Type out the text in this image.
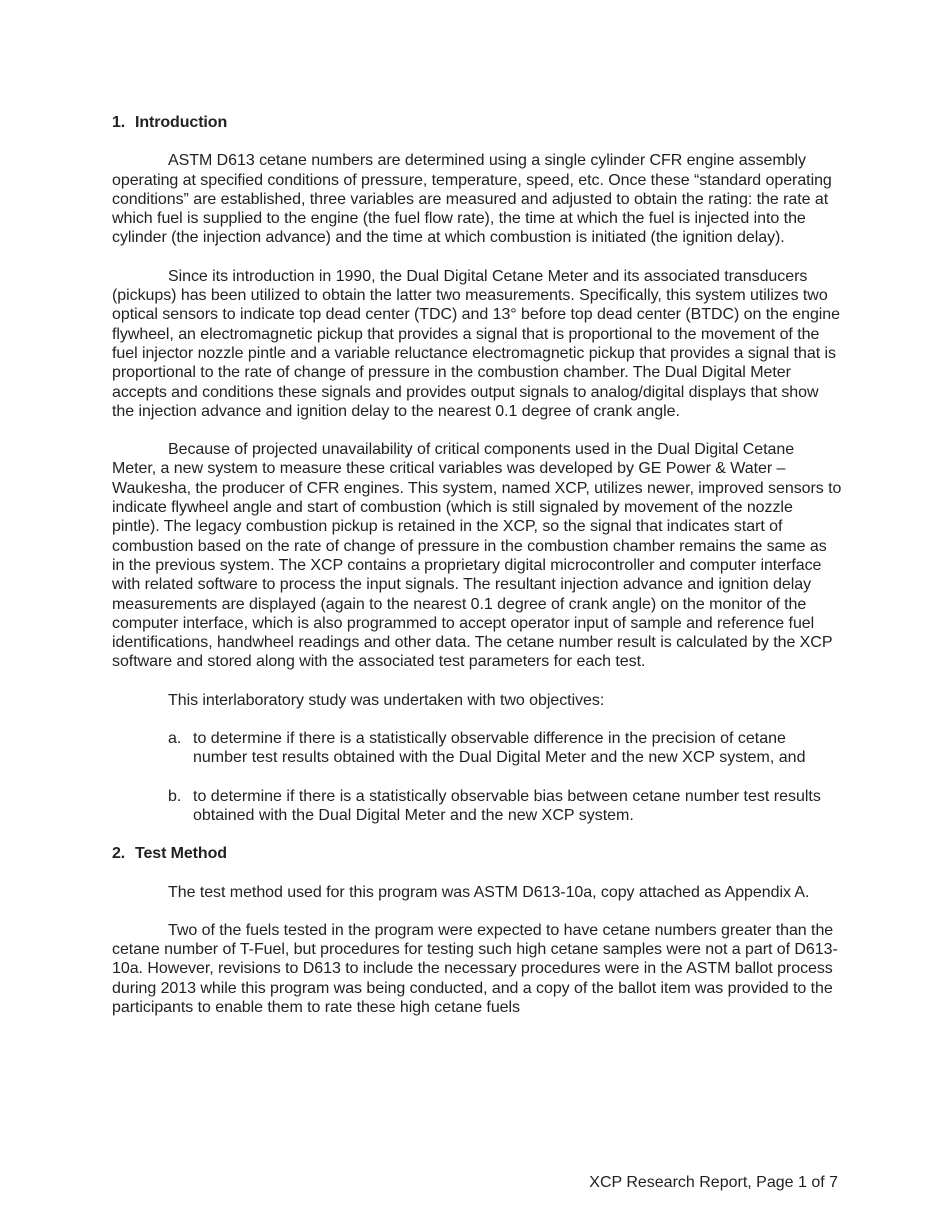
1. Introduction

ASTM D613 cetane numbers are determined using a single cylinder CFR engine assembly operating at specified conditions of pressure, temperature, speed, etc. Once these “standard operating conditions” are established, three variables are measured and adjusted to obtain the rating: the rate at which fuel is supplied to the engine (the fuel flow rate), the time at which the fuel is injected into the cylinder (the injection advance) and the time at which combustion is initiated (the ignition delay).

Since its introduction in 1990, the Dual Digital Cetane Meter and its associated transducers (pickups) has been utilized to obtain the latter two measurements. Specifically, this system utilizes two optical sensors to indicate top dead center (TDC) and 13° before top dead center (BTDC) on the engine flywheel, an electromagnetic pickup that provides a signal that is proportional to the movement of the fuel injector nozzle pintle and a variable reluctance electromagnetic pickup that provides a signal that is proportional to the rate of change of pressure in the combustion chamber. The Dual Digital Meter accepts and conditions these signals and provides output signals to analog/digital displays that show the injection advance and ignition delay to the nearest 0.1 degree of crank angle.

Because of projected unavailability of critical components used in the Dual Digital Cetane Meter, a new system to measure these critical variables was developed by GE Power & Water – Waukesha, the producer of CFR engines. This system, named XCP, utilizes newer, improved sensors to indicate flywheel angle and start of combustion (which is still signaled by movement of the nozzle pintle). The legacy combustion pickup is retained in the XCP, so the signal that indicates start of combustion based on the rate of change of pressure in the combustion chamber remains the same as in the previous system. The XCP contains a proprietary digital microcontroller and computer interface with related software to process the input signals. The resultant injection advance and ignition delay measurements are displayed (again to the nearest 0.1 degree of crank angle) on the monitor of the computer interface, which is also programmed to accept operator input of sample and reference fuel identifications, handwheel readings and other data. The cetane number result is calculated by the XCP software and stored along with the associated test parameters for each test.

This interlaboratory study was undertaken with two objectives:

a. to determine if there is a statistically observable difference in the precision of cetane number test results obtained with the Dual Digital Meter and the new XCP system, and
b. to determine if there is a statistically observable bias between cetane number test results obtained with the Dual Digital Meter and the new XCP system.
2. Test Method

The test method used for this program was ASTM D613-10a, copy attached as Appendix A.

Two of the fuels tested in the program were expected to have cetane numbers greater than the cetane number of T-Fuel, but procedures for testing such high cetane samples were not a part of D613-10a. However, revisions to D613 to include the necessary procedures were in the ASTM ballot process during 2013 while this program was being conducted, and a copy of the ballot item was provided to the participants to enable them to rate these high cetane fuels

XCP Research Report, Page 1 of 7
